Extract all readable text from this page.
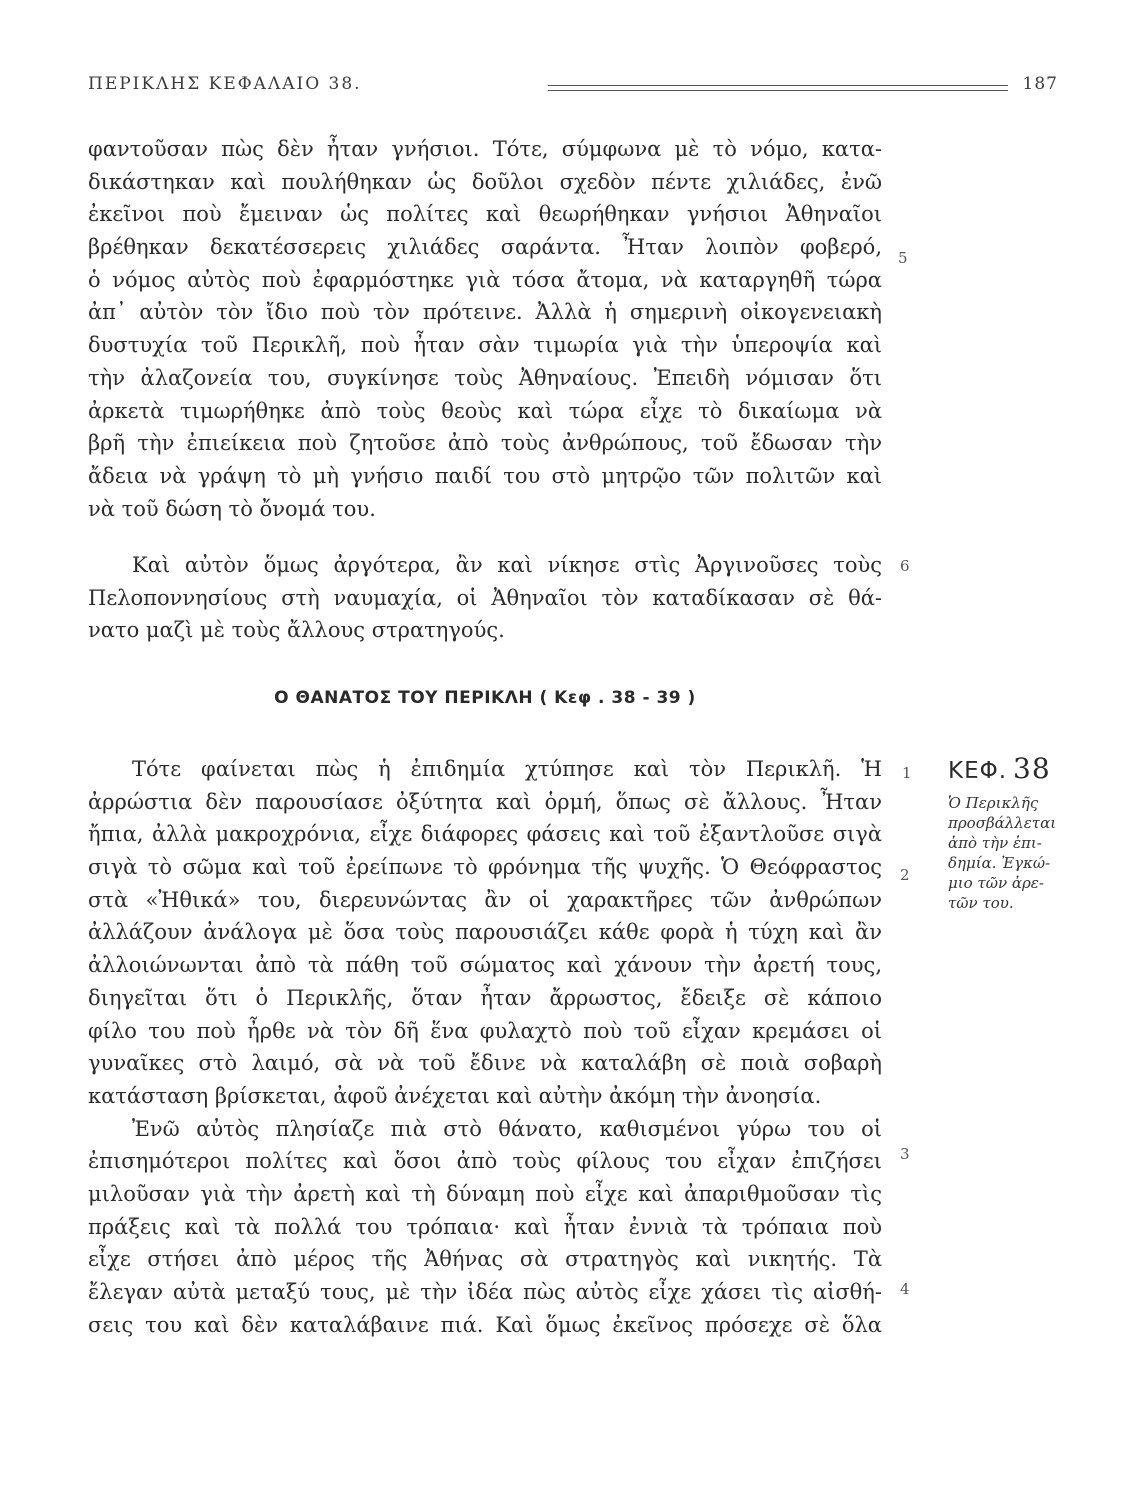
ΠΕΡΙΚΛΗΣ ΚΕΦΑΛΑΙΟ 38.	187
φαντοῦσαν πὼς δὲν ἦταν γνήσιοι. Τότε, σύμφωνα μὲ τὸ νόμο, κατα-
δικάστηκαν καὶ πουλήθηκαν ὡς δοῦλοι σχεδὸν πέντε χιλιάδες, ἐνῶ
ἐκεῖνοι ποὺ ἔμειναν ὡς πολίτες καὶ θεωρήθηκαν γνήσιοι Ἀθηναῖοι
βρέθηκαν δεκατέσσερεις χιλιάδες σαράντα. Ἦταν λοιπὸν φοβερό,
ὁ νόμος αὐτὸς ποὺ ἐφαρμόστηκε γιὰ τόσα ἄτομα, νὰ καταργηθῆ τώρα
ἀπ᾽ αὐτὸν τὸν ἴδιο ποὺ τὸν πρότεινε. Ἀλλὰ ἡ σημερινὴ οἰκογενειακὴ
δυστυχία τοῦ Περικλῆ, ποὺ ἦταν σὰν τιμωρία γιὰ τὴν ὑπεροψία καὶ
τὴν ἀλαζονεία του, συγκίνησε τοὺς Ἀθηναίους. Ἐπειδὴ νόμισαν ὅτι
ἀρκετὰ τιμωρήθηκε ἀπὸ τοὺς θεοὺς καὶ τώρα εἶχε τὸ δικαίωμα νὰ
βρῆ τὴν ἐπιείκεια ποὺ ζητοῦσε ἀπὸ τοὺς ἀνθρώπους, τοῦ ἔδωσαν τὴν
ἄδεια νὰ γράψη τὸ μὴ γνήσιο παιδί του στὸ μητρῷο τῶν πολιτῶν καὶ
νὰ τοῦ δώση τὸ ὄνομά του.
Καὶ αὐτὸν ὅμως ἀργότερα, ἂν καὶ νίκησε στὶς Ἀργινοῦσες τοὺς
Πελοποννησίους στὴ ναυμαχία, οἱ Ἀθηναῖοι τὸν καταδίκασαν σὲ θά-
νατο μαζὶ μὲ τοὺς ἄλλους στρατηγούς.
Ο ΘΑΝΑΤΟΣ ΤΟΥ ΠΕΡΙΚΛΗ ( Κεφ . 38 - 39 )
Τότε φαίνεται πὼς ἡ ἐπιδημία χτύπησε καὶ τὸν Περικλῆ. Ἡ
ἀρρώστια δὲν παρουσίασε ὀξύτητα καὶ ὁρμή, ὅπως σὲ ἄλλους. Ἦταν
ἤπια, ἀλλὰ μακροχρόνια, εἶχε διάφορες φάσεις καὶ τοῦ ἐξαντλοῦσε σιγὰ
σιγὰ τὸ σῶμα καὶ τοῦ ἐρείπωνε τὸ φρόνημα τῆς ψυχῆς. Ὁ Θεόφραστος
στὰ «Ἠθικά» του, διερευνώντας ἂν οἱ χαρακτῆρες τῶν ἀνθρώπων
ἀλλάζουν ἀνάλογα μὲ ὅσα τοὺς παρουσιάζει κάθε φορὰ ἡ τύχη καὶ ἂν
ἀλλοιώνωνται ἀπὸ τὰ πάθη τοῦ σώματος καὶ χάνουν τὴν ἀρετή τους,
διηγεῖται ὅτι ὁ Περικλῆς, ὅταν ἦταν ἄρρωστος, ἔδειξε σὲ κάποιο
φίλο του ποὺ ἦρθε νὰ τὸν δῆ ἕνα φυλαχτὸ ποὺ τοῦ εἶχαν κρεμάσει οἱ
γυναῖκες στὸ λαιμό, σὰ νὰ τοῦ ἔδινε νὰ καταλάβη σὲ ποιὰ σοβαρὴ
κατάσταση βρίσκεται, ἀφοῦ ἀνέχεται καὶ αὐτὴν ἀκόμη τὴν ἀνοησία.
Ἐνῶ αὐτὸς πλησίαζε πιὰ στὸ θάνατο, καθισμένοι γύρω του οἱ
ἐπισημότεροι πολίτες καὶ ὅσοι ἀπὸ τοὺς φίλους του εἶχαν ἐπιζήσει
μιλοῦσαν γιὰ τὴν ἀρετὴ καὶ τὴ δύναμη ποὺ εἶχε καὶ ἀπαριθμοῦσαν τὶς
πράξεις καὶ τὰ πολλά του τρόπαια· καὶ ἦταν ἐννιὰ τὰ τρόπαια ποὺ
εἶχε στήσει ἀπὸ μέρος τῆς Ἀθήνας σὰ στρατηγὸς καὶ νικητής. Τὰ
ἔλεγαν αὐτὰ μεταξύ τους, μὲ τὴν ἰδέα πὼς αὐτὸς εἶχε χάσει τὶς αἰσθή-
σεις του καὶ δὲν καταλάβαινε πιά. Καὶ ὅμως ἐκεῖνος πρόσεχε σὲ ὅλα
5
6
1
2
3
4
ΚΕΦ. 38
Ὁ Περικλῆς
προσβάλλεται
ἀπὸ τὴν ἐπι-
δημία. Ἐγκώ-
μιο τῶν ἀρε-
τῶν του.
